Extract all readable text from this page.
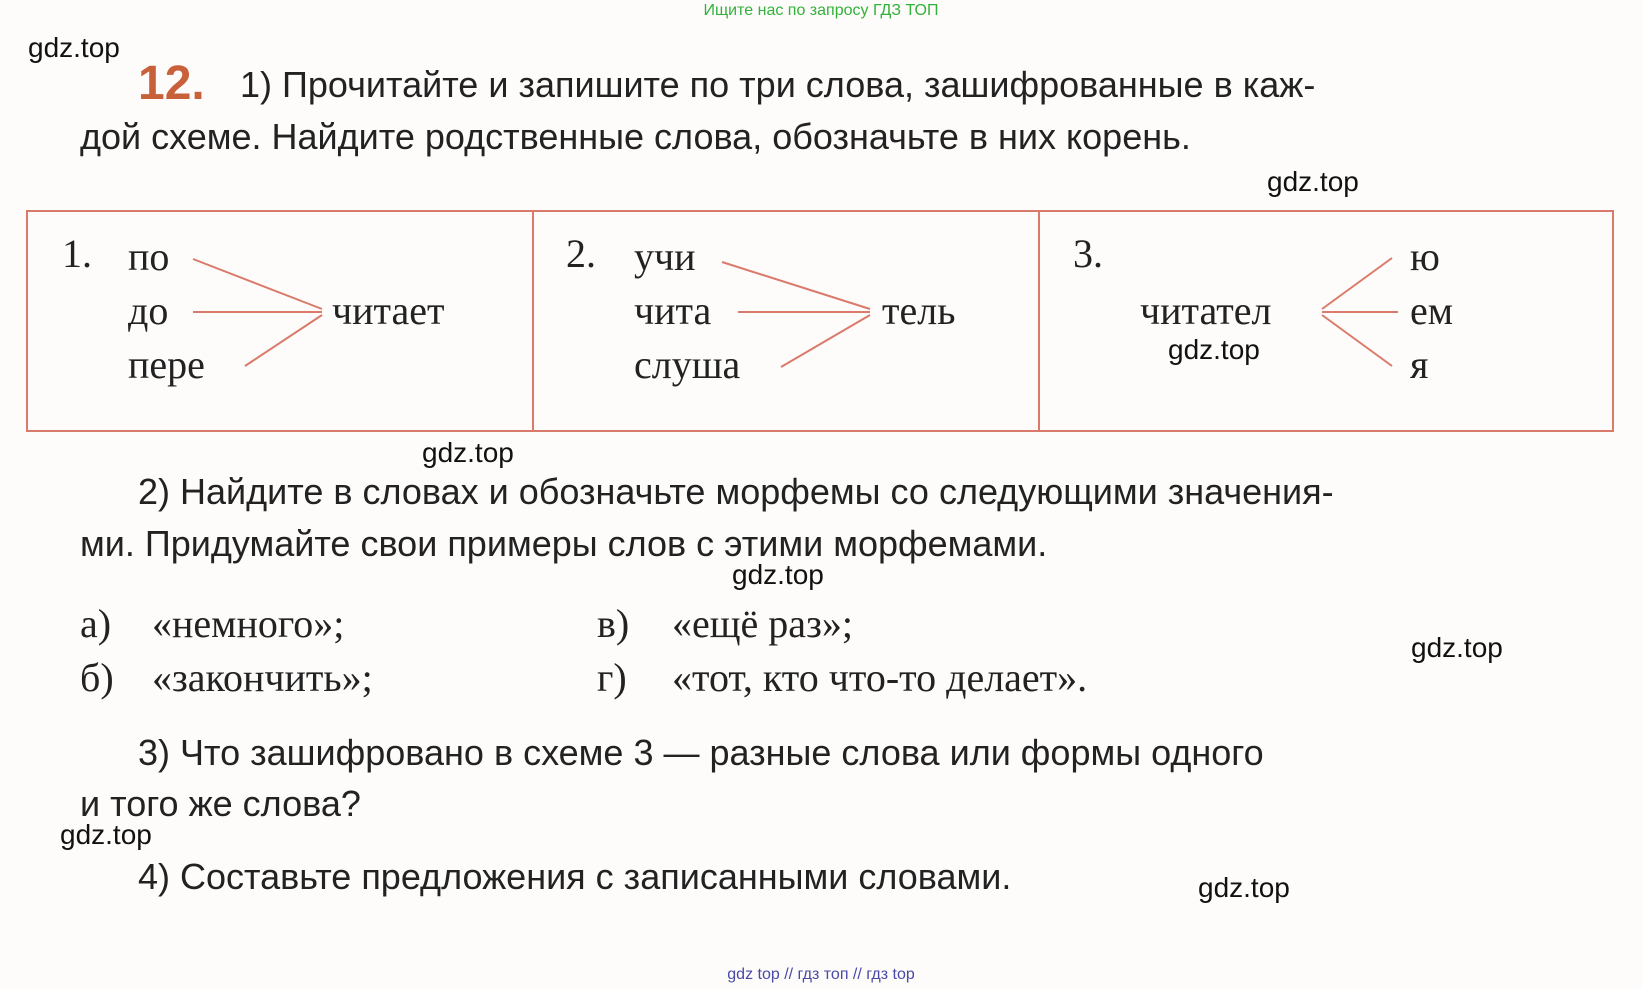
Ищите нас по запросу ГДЗ ТОП
gdz.top
gdz.top
gdz.top
gdz.top
gdz.top
gdz.top
gdz.top
gdz.top
12. 1) Прочитайте и запишите по три слова, зашифрованные в каж-
дой схеме. Найдите родственные слова, обозначьте в них корень.
1. по
до
пере
читает
2. учи
чита
слуша
тель
3.
читател
ю
ем
я
2) Найдите в словах и обозначьте морфемы со следующими значения-
ми. Придумайте свои примеры слов с этими морфемами.
а) «немного»;
б) «закончить»;
в) «ещё раз»;
г) «тот, кто что-то делает».
3) Что зашифровано в схеме 3 — разные слова или формы одного
и того же слова?
4) Составьте предложения с записанными словами.
gdz top // гдз топ // гдз top
